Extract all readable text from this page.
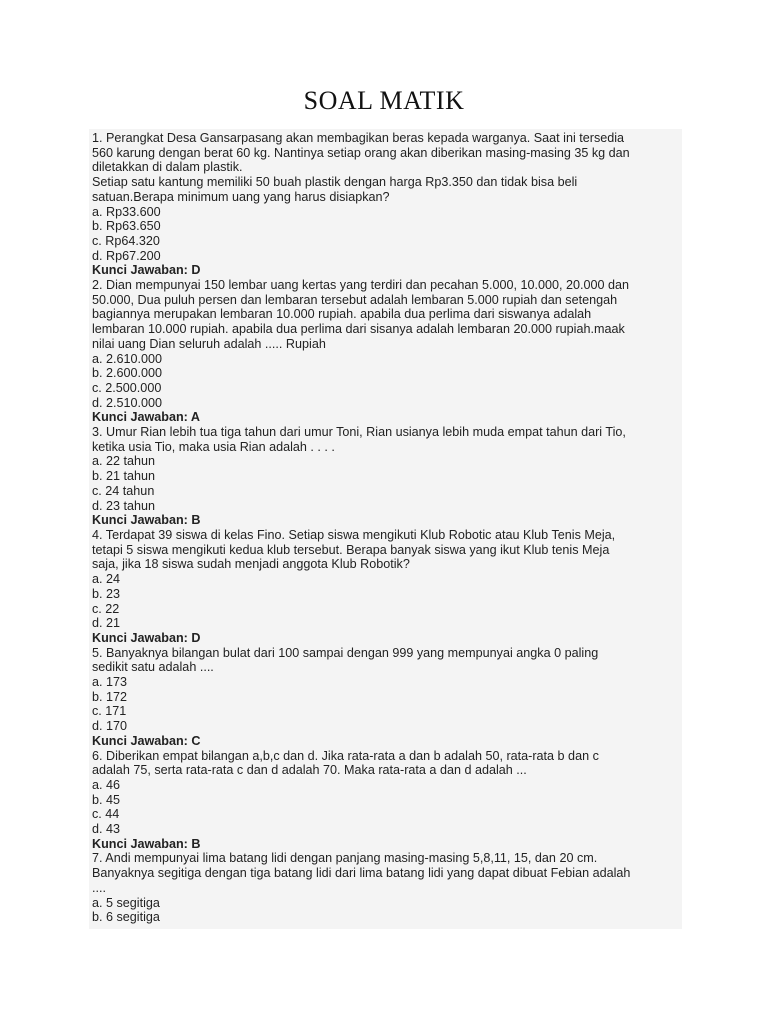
SOAL MATIK
1. Perangkat Desa Gansarpasang akan membagikan beras kepada warganya. Saat ini tersedia
560 karung dengan berat 60 kg. Nantinya setiap orang akan diberikan masing-masing 35 kg dan
diletakkan di dalam plastik.
Setiap satu kantung memiliki 50 buah plastik dengan harga Rp3.350 dan tidak bisa beli
satuan.Berapa minimum uang yang harus disiapkan?
a. Rp33.600
b. Rp63.650
c. Rp64.320
d. Rp67.200
Kunci Jawaban: D
2. Dian mempunyai 150 lembar uang kertas yang terdiri dan pecahan 5.000, 10.000, 20.000 dan
50.000, Dua puluh persen dan lembaran tersebut adalah lembaran 5.000 rupiah dan setengah
bagiannya merupakan lembaran 10.000 rupiah. apabila dua perlima dari siswanya adalah
lembaran 10.000 rupiah. apabila dua perlima dari sisanya adalah lembaran 20.000 rupiah.maak
nilai uang Dian seluruh adalah ..... Rupiah
a. 2.610.000
b. 2.600.000
c. 2.500.000
d. 2.510.000
Kunci Jawaban: A
3. Umur Rian lebih tua tiga tahun dari umur Toni, Rian usianya lebih muda empat tahun dari Tio,
ketika usia Tio, maka usia Rian adalah . . . .
a. 22 tahun
b. 21 tahun
c. 24 tahun
d. 23 tahun
Kunci Jawaban: B
4. Terdapat 39 siswa di kelas Fino. Setiap siswa mengikuti Klub Robotic atau Klub Tenis Meja,
tetapi 5 siswa mengikuti kedua klub tersebut. Berapa banyak siswa yang ikut Klub tenis Meja
saja, jika 18 siswa sudah menjadi anggota Klub Robotik?
a. 24
b. 23
c. 22
d. 21
Kunci Jawaban: D
5. Banyaknya bilangan bulat dari 100 sampai dengan 999 yang mempunyai angka 0 paling
sedikit satu adalah ....
a. 173
b. 172
c. 171
d. 170
Kunci Jawaban: C
6. Diberikan empat bilangan a,b,c dan d. Jika rata-rata a dan b adalah 50, rata-rata b dan c
adalah 75, serta rata-rata c dan d adalah 70. Maka rata-rata a dan d adalah ...
a. 46
b. 45
c. 44
d. 43
Kunci Jawaban: B
7. Andi mempunyai lima batang lidi dengan panjang masing-masing 5,8,11, 15, dan 20 cm.
Banyaknya segitiga dengan tiga batang lidi dari lima batang lidi yang dapat dibuat Febian adalah
....
a. 5 segitiga
b. 6 segitiga
